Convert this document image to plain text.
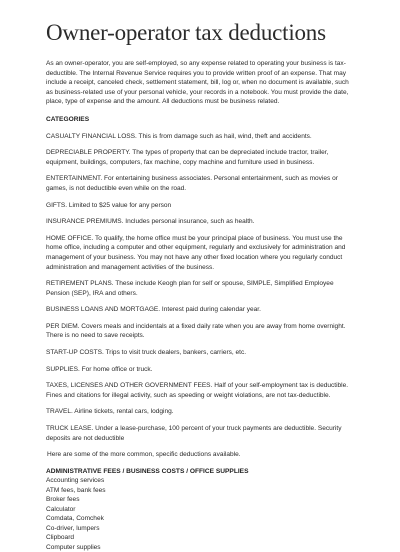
Owner-operator tax deductions

As an owner-operator, you are self-employed, so any expense related to operating your business is tax-deductible. The Internal Revenue Service requires you to provide written proof of an expense. That may include a receipt, canceled check, settlement statement, bill, log or, when no document is available, such as business-related use of your personal vehicle, your records in a notebook. You must provide the date, place, type of expense and the amount. All deductions must be business related.

CATEGORIES

CASUALTY FINANCIAL LOSS. This is from damage such as hail, wind, theft and accidents.

DEPRECIABLE PROPERTY. The types of property that can be depreciated include tractor, trailer, equipment, buildings, computers, fax machine, copy machine and furniture used in business.

ENTERTAINMENT. For entertaining business associates. Personal entertainment, such as movies or games, is not deductible even while on the road.

GIFTS. Limited to $25 value for any person

INSURANCE PREMIUMS. Includes personal insurance, such as health.

HOME OFFICE. To qualify, the home office must be your principal place of business. You must use the home office, including a computer and other equipment, regularly and exclusively for administration and management of your business. You may not have any other fixed location where you regularly conduct administration and management activities of the business.

RETIREMENT PLANS. These include Keogh plan for self or spouse, SIMPLE, Simplified Employee Pension (SEP), IRA and others.

BUSINESS LOANS AND MORTGAGE. Interest paid during calendar year.

PER DIEM. Covers meals and incidentals at a fixed daily rate when you are away from home overnight. There is no need to save receipts.

START-UP COSTS. Trips to visit truck dealers, bankers, carriers, etc.

SUPPLIES. For home office or truck.

TAXES, LICENSES AND OTHER GOVERNMENT FEES. Half of your self-employment tax is deductible. Fines and citations for illegal activity, such as speeding or weight violations, are not tax-deductible.

TRAVEL. Airline tickets, rental cars, lodging.

TRUCK LEASE. Under a lease-purchase, 100 percent of your truck payments are deductible. Security deposits are not deductible

Here are some of the more common, specific deductions available.

ADMINISTRATIVE FEES / BUSINESS COSTS / OFFICE SUPPLIES
Accounting services
ATM fees, bank fees
Broker fees
Calculator
Comdata, Comchek
Co-driver, lumpers
Clipboard
Computer supplies
